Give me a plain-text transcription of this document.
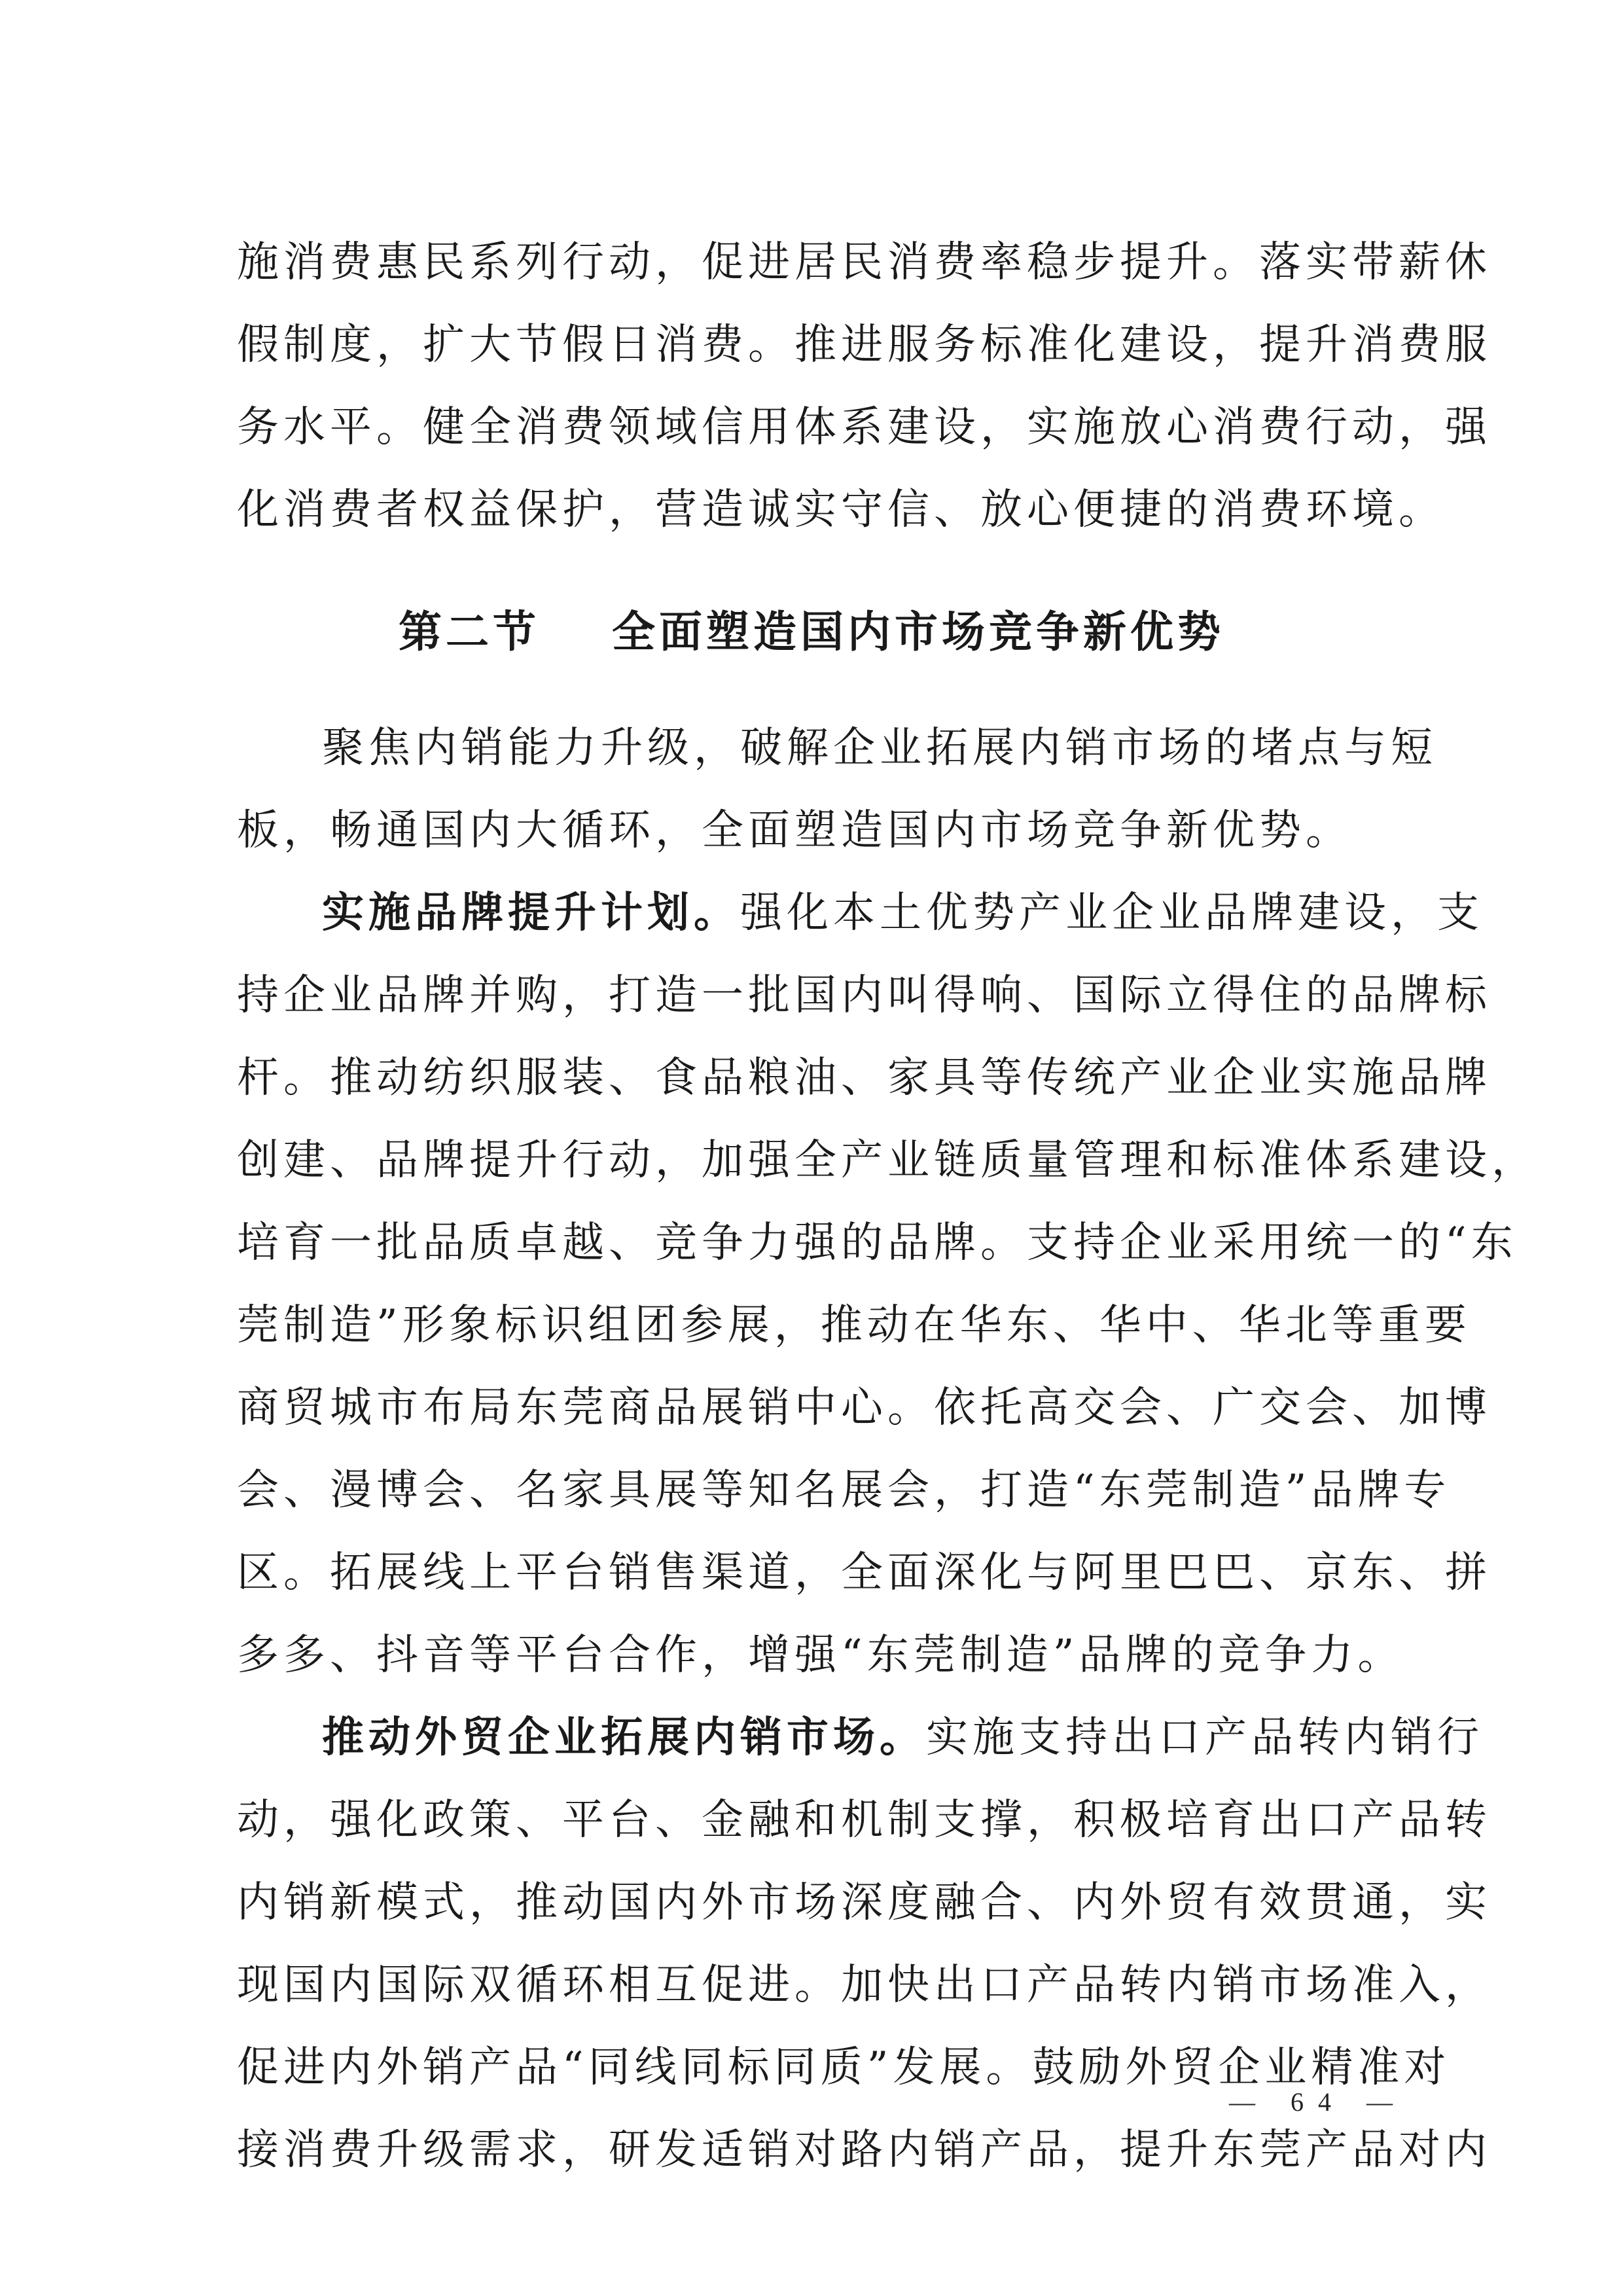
施消费惠民系列行动，促进居民消费率稳步提升。落实带薪休
假制度，扩大节假日消费。推进服务标准化建设，提升消费服
务水平。健全消费领域信用体系建设，实施放心消费行动，强
化消费者权益保护，营造诚实守信、放心便捷的消费环境。
第二节 全面塑造国内市场竞争新优势
聚焦内销能力升级，破解企业拓展内销市场的堵点与短
板，畅通国内大循环，全面塑造国内市场竞争新优势。
实施品牌提升计划。强化本土优势产业企业品牌建设，支
持企业品牌并购，打造一批国内叫得响、国际立得住的品牌标
杆。推动纺织服装、食品粮油、家具等传统产业企业实施品牌
创建、品牌提升行动，加强全产业链质量管理和标准体系建设，
培育一批品质卓越、竞争力强的品牌。支持企业采用统一的“东
莞制造”形象标识组团参展，推动在华东、华中、华北等重要
商贸城市布局东莞商品展销中心。依托高交会、广交会、加博
会、漫博会、名家具展等知名展会，打造“东莞制造”品牌专
区。拓展线上平台销售渠道，全面深化与阿里巴巴、京东、拼
多多、抖音等平台合作，增强“东莞制造”品牌的竞争力。
推动外贸企业拓展内销市场。实施支持出口产品转内销行
动，强化政策、平台、金融和机制支撑，积极培育出口产品转
内销新模式，推动国内外市场深度融合、内外贸有效贯通，实
现国内国际双循环相互促进。加快出口产品转内销市场准入，
促进内外销产品“同线同标同质”发展。鼓励外贸企业精准对
接消费升级需求，研发适销对路内销产品，提升东莞产品对内
— 64 —
